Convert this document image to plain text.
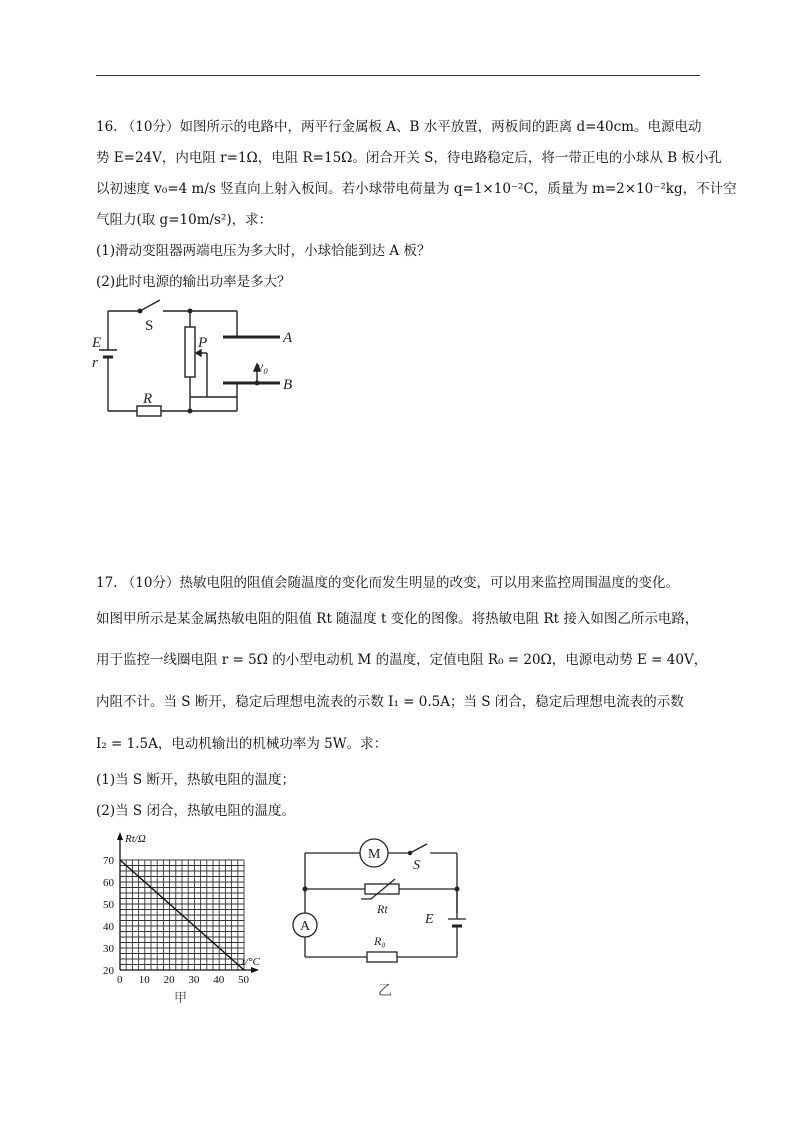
16. （10分）如图所示的电路中，两平行金属板 A、B 水平放置，两板间的距离 d=40cm。电源电动
势 E=24V，内电阻 r=1Ω，电阻 R=15Ω。闭合开关 S，待电路稳定后，将一带正电的小球从 B 板小孔
以初速度 v₀=4 m/s 竖直向上射入板间。若小球带电荷量为 q=1×10⁻²C，质量为 m=2×10⁻²kg，不计空
气阻力(取 g=10m/s²)，求：
(1)滑动变阻器两端电压为多大时，小球恰能到达 A 板？
(2)此时电源的输出功率是多大？
S
E
r
R
P	A
v₀
B
17. （10分）热敏电阻的阻值会随温度的变化而发生明显的改变，可以用来监控周围温度的变化。
如图甲所示是某金属热敏电阻的阻值 Rt 随温度 t 变化的图像。将热敏电阻 Rt 接入如图乙所示电路，
用于监控一线圈电阻 r = 5Ω 的小型电动机 M 的温度，定值电阻 R₀ = 20Ω，电源电动势 E = 40V，
内阻不计。当 S 断开，稳定后理想电流表的示数 I₁ = 0.5A；当 S 闭合，稳定后理想电流表的示数
I₂ = 1.5A，电动机输出的机械功率为 5W。求：
(1)当 S 断开，热敏电阻的温度；
(2)当 S 闭合，热敏电阻的温度。
20
30
40
50
60
70
0 10 20 30 40 50
Rt/Ω
t/°C
甲
M
A
S
Rt
E
R₀
乙
